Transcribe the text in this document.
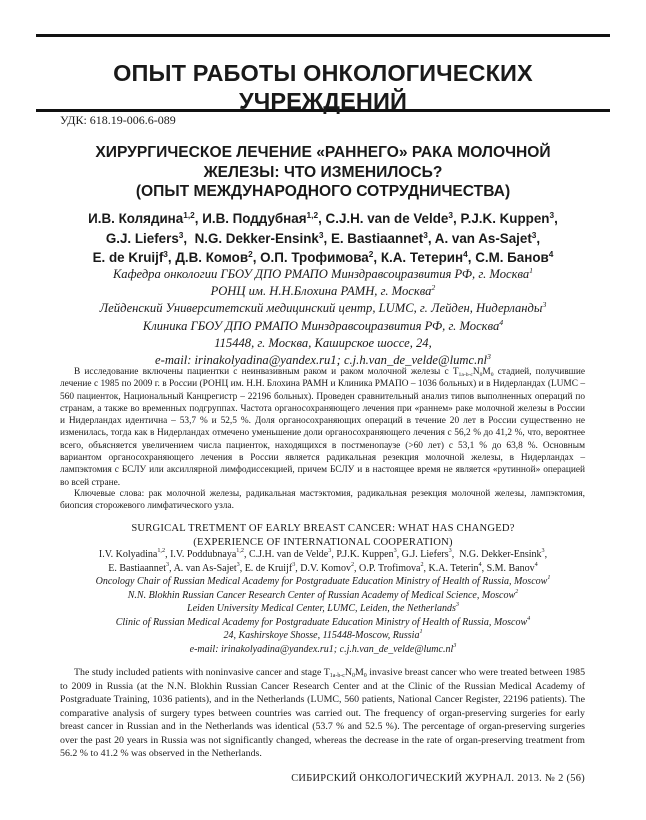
ОПЫТ РАБОТЫ ОНКОЛОГИЧЕСКИХ УЧРЕЖДЕНИЙ
УДК: 618.19-006.6-089
ХИРУРГИЧЕСКОЕ ЛЕЧЕНИЕ «РАННЕГО» РАКА МОЛОЧНОЙ
ЖЕЛЕЗЫ: ЧТО ИЗМЕНИЛОСЬ?
(ОПЫТ МЕЖДУНАРОДНОГО СОТРУДНИЧЕСТВА)
И.В. Колядина$^{1,2}$, И.В. Поддубная$^{1,2}$, C.J.H. van de Velde$^3$, P.J.K. Kuppen$^3$,
G.J. Liefers$^3$,  N.G. Dekker-Ensink$^3$, E. Bastiaannet$^3$, A. van As-Sajet$^3$,
E. de Kruijf$^3$, Д.В. Комов$^2$, О.П. Трофимова$^2$, К.А. Тетерин$^4$, С.М. Банов$^4$
Кафедра онкологии ГБОУ ДПО РМАПО Минздравсоцразвития РФ, г. Москва$^1$
РОНЦ им. Н.Н.Блохина РАМН, г. Москва$^2$
Лейденский Университетский медицинский центр, LUMC, г. Лейден, Нидерланды$^3$
Клиника ГБОУ ДПО РМАПО Минздравсоцразвития РФ, г. Москва$^4$
115448, г. Москва, Каширское шоссе, 24,
e-mail: irinakolyadina@yandex.ru1; $c.j.h.van\_de\_velde@lumc.nl^3$

В исследование включены пациентки с неинвазивным раком и раком молочной железы с $T_{1a-b-c}N_0M_0$ стадией, получившие лечение с 1985 по 2009 г. в России (РОНЦ им. Н.Н. Блохина РАМН и Клиника РМАПО – 1036 больных) и в Нидерландах (LUMC – 560 пациенток, Национальный Канцрегистр – 22196 больных). Проведен сравнительный анализ типов выполненных операций по странам, а также во временных подгруппах. Частота органосохраняющего лечения при «раннем» раке молочной железы в России и Нидерландах идентична – 53,7 % и 52,5 %. Доля органосохраняющих операций в течение 20 лет в России существенно не изменилась, тогда как в Нидерландах отмечено уменьшение доли органосохраняющего лечения с 56,2 % до 41,2 %, что, вероятнее всего, объясняется увеличением числа пациенток, находящихся в постменопаузе (>60 лет) с 53,1 % до 63,8 %. Основным вариантом органосохраняющего лечения в России является радикальная резекция молочной железы, в Нидерландах – лампэктомия с БСЛУ или аксиллярной лимфодиссекцией, причем БСЛУ и в настоящее время не является «рутинной» операцией во всей стране.

Ключевые слова: рак молочной железы, радикальная мастэктомия, радикальная резекция молочной железы, лампэктомия, биопсия сторожевого лимфатического узла.

SURGICAL TRETMENT OF EARLY BREAST CANCER: WHAT HAS CHANGED?
(EXPERIENCE OF INTERNATIONAL COOPERATION)
I.V. Kolyadina$^{1,2}$, I.V. Poddubnaya$^{1,2}$, C.J.H. van de Velde$^3$, P.J.K. Kuppen$^3$, G.J. Liefers$^3$,  N.G. Dekker-Ensink$^3$,
E. Bastiaannet$^3$, A. van As-Sajet$^3$, E. de Kruijf$^3$, D.V. Komov$^2$, O.P. Trofimova$^2$, K.A. Teterin$^4$, S.M. Banov$^4$
Oncology Chair of Russian Medical Academy for Postgraduate Education Ministry of Health of Russia, Moscow$^1$
N.N. Blokhin Russian Cancer Research Center of Russian Academy of Medical Science, Moscow$^2$
Leiden University Medical Center, LUMC, Leiden, the Netherlands$^3$
Clinic of Russian Medical Academy for Postgraduate Education Ministry of Health of Russia, Moscow$^4$
24, Kashirskoye Shosse, 115448-Moscow, Russia$^1$
e-mail: irinakolyadina@yandex.ru1; $c.j.h.van\_de\_velde@lumc.nl^3$

The study included patients with noninvasive cancer and stage $T_{1a-b-c}N_0M_0$ invasive breast cancer who were treated between 1985 to 2009 in Russia (at the N.N. Blokhin Russian Cancer Research Center and at the Clinic of the Russian Medical Academy of Postgraduate Training, 1036 patients), and in the Netherlands (LUMC, 560 patients, National Cancer Register, 22196 patients). The comparative analysis of surgery types between countries was carried out. The frequency of organ-preserving surgeries for early breast cancer in Russian and in the Netherlands was identical (53.7 % and 52.5 %). The percentage of organ-preserving surgeries over the past 20 years in Russia was not significantly changed, whereas the decrease in the rate of organ-preserving treatment from 56.2 % to 41.2 % was observed in the Netherlands.

СИБИРСКИЙ ОНКОЛОГИЧЕСКИЙ ЖУРНАЛ. 2013. № 2 (56)
